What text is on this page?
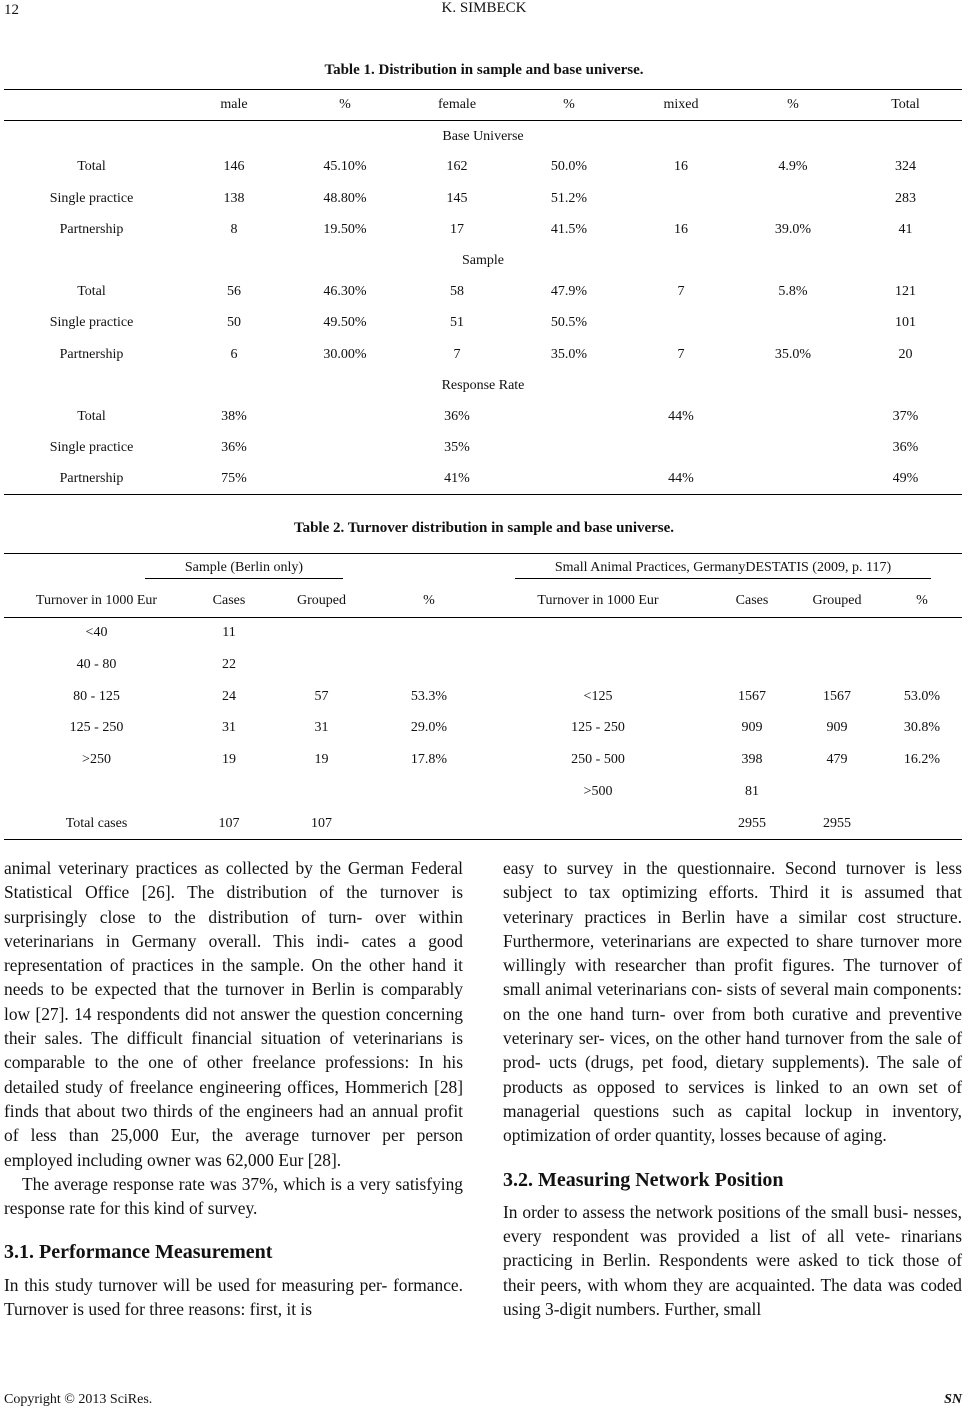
12	K. SIMBECK
Table 1. Distribution in sample and base universe.
	male	%	female	%	mixed	%	Total
Base Universe							
Total	146	45.10%	162	50.0%	16	4.9%	324
Single practice	138	48.80%	145	51.2%			283
Partnership	8	19.50%	17	41.5%	16	39.0%	41
Sample							
Total	56	46.30%	58	47.9%	7	5.8%	121
Single practice	50	49.50%	51	50.5%			101
Partnership	6	30.00%	7	35.0%	7	35.0%	20
Response Rate							
Total	38%		36%		44%		37%
Single practice	36%		35%				36%
Partnership	75%		41%		44%		49%
Table 2. Turnover distribution in sample and base universe.
Sample (Berlin only)				Small Animal Practices, GermanyDESTATIS (2009, p. 117)			
Turnover in 1000 Eur	Cases	Grouped	%	Turnover in 1000 Eur	Cases	Grouped	%
<40	11						
40 - 80	22						
80 - 125	24	57	53.3%	<125	1567	1567	53.0%
125 - 250	31	31	29.0%	125 - 250	909	909	30.8%
>250	19	19	17.8%	250 - 500	398	479	16.2%
				>500	81		
Total cases	107	107			2955	2955	

animal veterinary practices as collected by the German Federal Statistical Office [26]. The distribution of the turnover is surprisingly close to the distribution of turn- over within veterinarians in Germany overall. This indi- cates a good representation of practices in the sample. On the other hand it needs to be expected that the turnover in Berlin is comparably low [27]. 14 respondents did not answer the question concerning their sales. The difficult financial situation of veterinarians is comparable to the one of other freelance professions: In his detailed study of freelance engineering offices, Hommerich [28] finds that about two thirds of the engineers had an annual profit of less than 25,000 Eur, the average turnover per person employed including owner was 62,000 Eur [28].

The average response rate was 37%, which is a very satisfying response rate for this kind of survey.

3.1. Performance Measurement

In this study turnover will be used for measuring per- formance. Turnover is used for three reasons: first, it is

easy to survey in the questionnaire. Second turnover is less subject to tax optimizing efforts. Third it is assumed that veterinary practices in Berlin have a similar cost structure. Furthermore, veterinarians are expected to share turnover more willingly with researcher than profit figures. The turnover of small animal veterinarians con- sists of several main components: on the one hand turn- over from both curative and preventive veterinary ser- vices, on the other hand turnover from the sale of prod- ucts (drugs, pet food, dietary supplements). The sale of products as opposed to services is linked to an own set of managerial questions such as capital lockup in inventory, optimization of order quantity, losses because of aging.

3.2. Measuring Network Position

In order to assess the network positions of the small busi- nesses, every respondent was provided a list of all vete- rinarians practicing in Berlin. Respondents were asked to tick those of their peers, with whom they are acquainted. The data was coded using 3-digit numbers. Further, small

Copyright © 2013 SciRes.	SN
